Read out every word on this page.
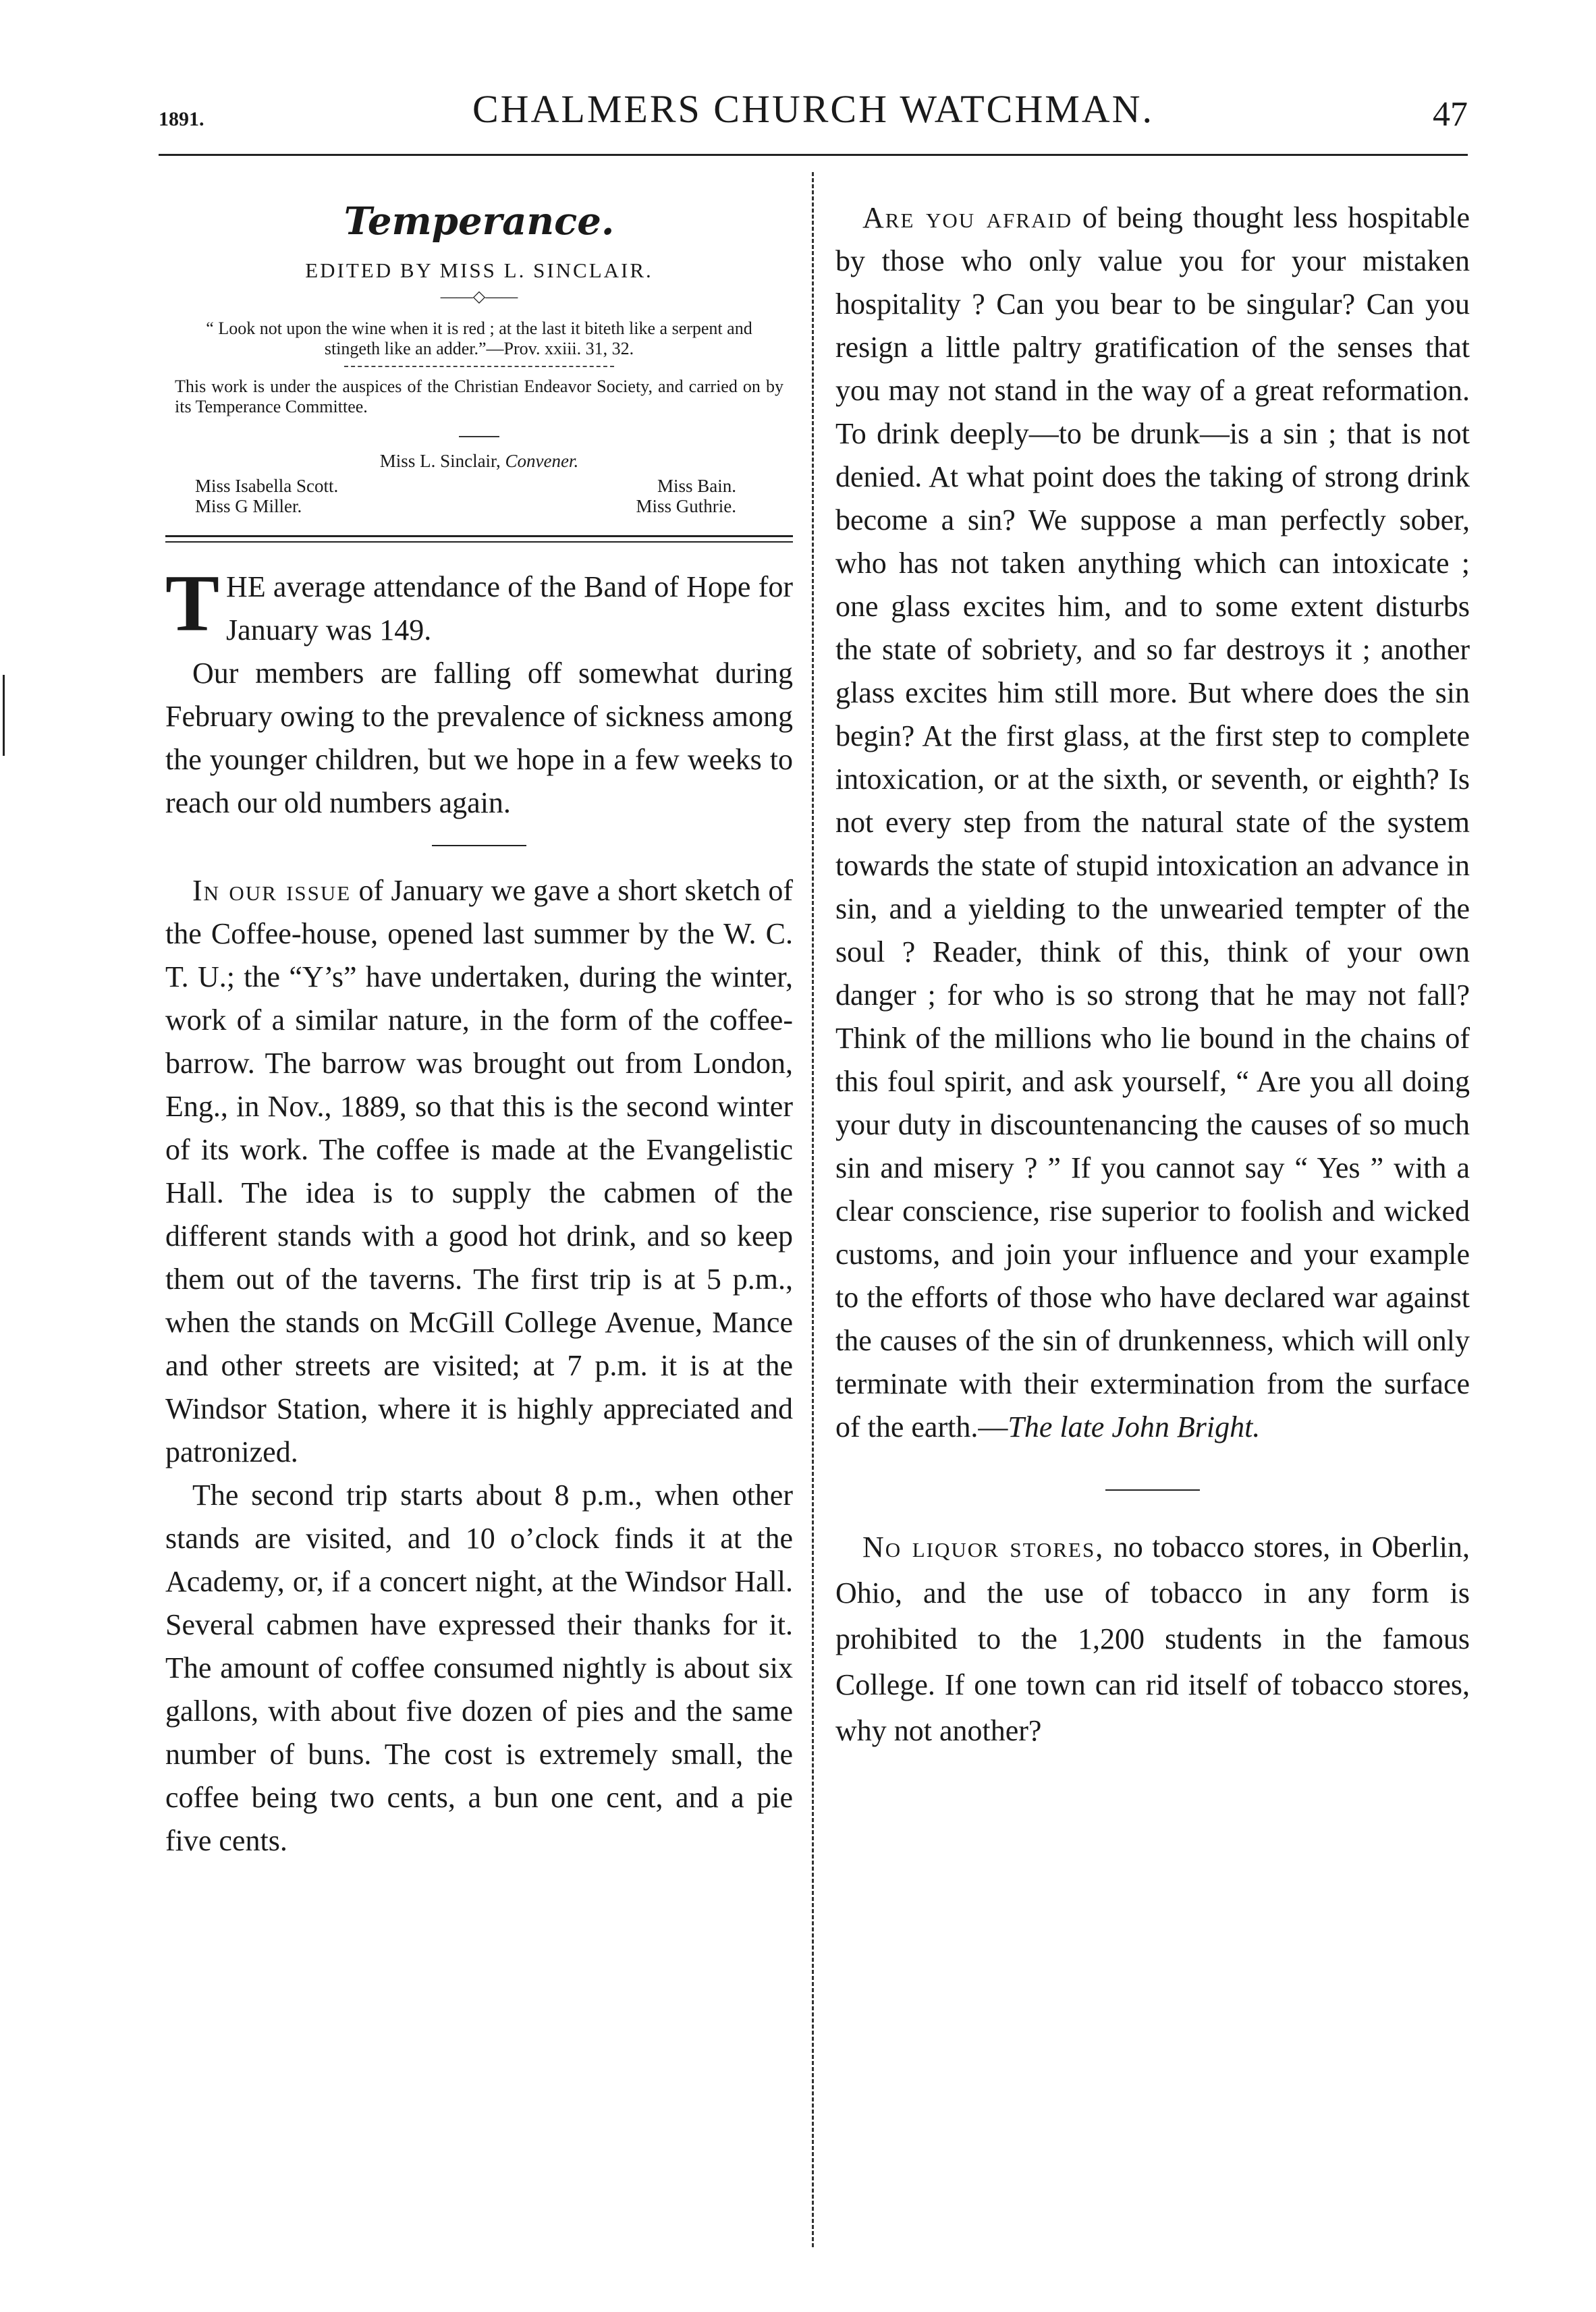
1891.	CHALMERS CHURCH WATCHMAN.	47
Temperance.
EDITED BY MISS L. SINCLAIR.
——◇——
“ Look not upon the wine when it is red ; at the last it biteth like a serpent and stingeth like an adder.”—Prov. xxiii. 31, 32.
This work is under the auspices of the Christian Endeavor Society, and carried on by its Temperance Committee.
Miss L. Sinclair, Convener.
Miss Isabella Scott.	Miss Bain.
Miss G Miller.	Miss Guthrie.

THE average attendance of the Band of Hope for January was 149.

Our members are falling off somewhat during February owing to the prevalence of sickness among the younger children, but we hope in a few weeks to reach our old numbers again.

In our issue of January we gave a short sketch of the Coffee-house, opened last summer by the W. C. T. U.; the “Y’s” have undertaken, during the winter, work of a similar nature, in the form of the coffee-barrow. The barrow was brought out from London, Eng., in Nov., 1889, so that this is the second winter of its work. The coffee is made at the Evangelistic Hall. The idea is to supply the cabmen of the different stands with a good hot drink, and so keep them out of the taverns. The first trip is at 5 p.m., when the stands on McGill College Avenue, Mance and other streets are visited; at 7 p.m. it is at the Windsor Station, where it is highly appreciated and patronized.

The second trip starts about 8 p.m., when other stands are visited, and 10 o’clock finds it at the Academy, or, if a concert night, at the Windsor Hall. Several cabmen have expressed their thanks for it. The amount of coffee consumed nightly is about six gallons, with about five dozen of pies and the same number of buns. The cost is extremely small, the coffee being two cents, a bun one cent, and a pie five cents.

Are you afraid of being thought less hospitable by those who only value you for your mistaken hospitality ? Can you bear to be singular? Can you resign a little paltry gratification of the senses that you may not stand in the way of a great reformation. To drink deeply—to be drunk—is a sin ; that is not denied. At what point does the taking of strong drink become a sin? We suppose a man perfectly sober, who has not taken anything which can intoxicate ; one glass excites him, and to some extent disturbs the state of sobriety, and so far destroys it ; another glass excites him still more. But where does the sin begin? At the first glass, at the first step to complete intoxication, or at the sixth, or seventh, or eighth? Is not every step from the natural state of the system towards the state of stupid intoxication an advance in sin, and a yielding to the unwearied tempter of the soul ? Reader, think of this, think of your own danger ; for who is so strong that he may not fall? Think of the millions who lie bound in the chains of this foul spirit, and ask yourself, “ Are you all doing your duty in discountenancing the causes of so much sin and misery ? ” If you cannot say “ Yes ” with a clear conscience, rise superior to foolish and wicked customs, and join your influence and your example to the efforts of those who have declared war against the causes of the sin of drunkenness, which will only terminate with their extermination from the surface of the earth.—The late John Bright.

No liquor stores, no tobacco stores, in Oberlin, Ohio, and the use of tobacco in any form is prohibited to the 1,200 students in the famous College. If one town can rid itself of tobacco stores, why not another?
